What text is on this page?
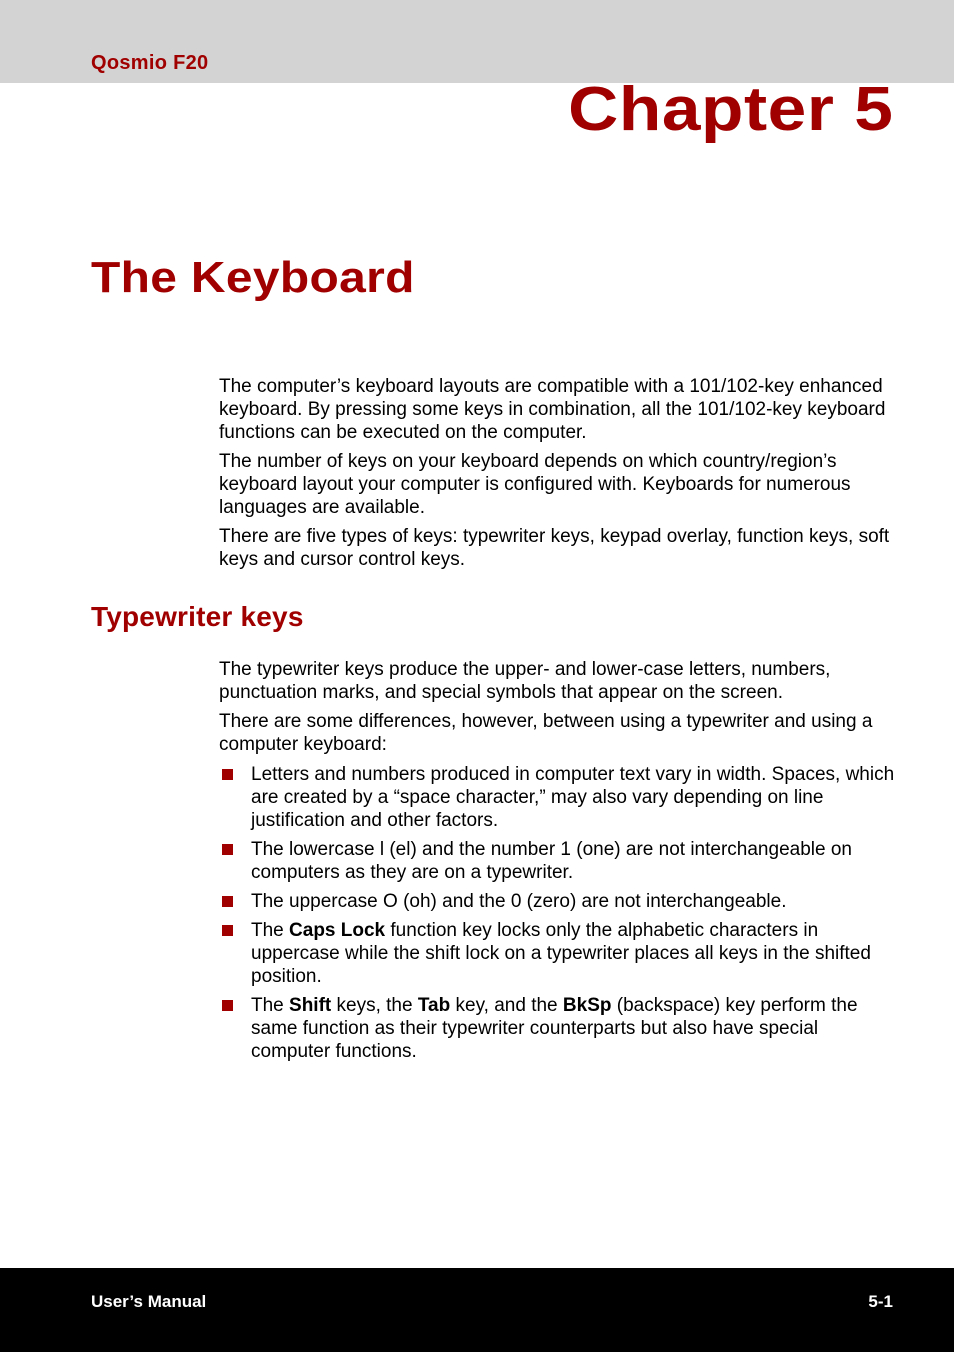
Qosmio F20
Chapter 5
The Keyboard

The computer’s keyboard layouts are compatible with a 101/102-key enhanced keyboard. By pressing some keys in combination, all the 101/102-key keyboard functions can be executed on the computer.

The number of keys on your keyboard depends on which country/region’s keyboard layout your computer is configured with. Keyboards for numerous languages are available.

There are five types of keys: typewriter keys, keypad overlay, function keys, soft keys and cursor control keys.

Typewriter keys

The typewriter keys produce the upper- and lower-case letters, numbers, punctuation marks, and special symbols that appear on the screen.

There are some differences, however, between using a typewriter and using a computer keyboard:

Letters and numbers produced in computer text vary in width. Spaces, which are created by a “space character,” may also vary depending on line justification and other factors.
The lowercase l (el) and the number 1 (one) are not interchangeable on computers as they are on a typewriter.
The uppercase O (oh) and the 0 (zero) are not interchangeable.
The Caps Lock function key locks only the alphabetic characters in uppercase while the shift lock on a typewriter places all keys in the shifted position.
The Shift keys, the Tab key, and the BkSp (backspace) key perform the same function as their typewriter counterparts but also have special computer functions.
User’s Manual	5-1
